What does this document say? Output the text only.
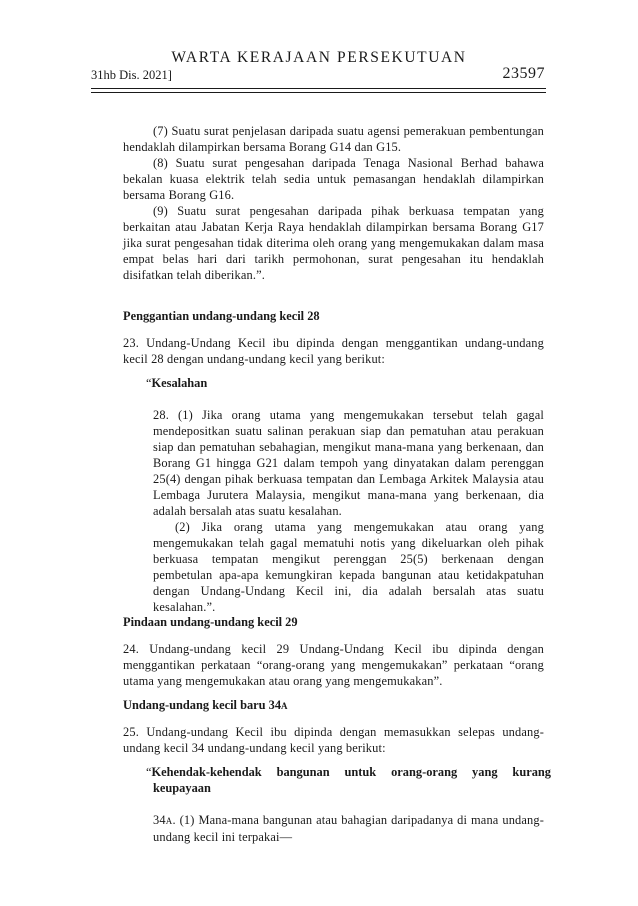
WARTA KERAJAAN PERSEKUTUAN
31hb Dis. 2021]	23597

(7) Suatu surat penjelasan daripada suatu agensi pemerakuan pembentungan hendaklah dilampirkan bersama Borang G14 dan G15.

(8) Suatu surat pengesahan daripada Tenaga Nasional Berhad bahawa bekalan kuasa elektrik telah sedia untuk pemasangan hendaklah dilampirkan bersama Borang G16.

(9) Suatu surat pengesahan daripada pihak berkuasa tempatan yang berkaitan atau Jabatan Kerja Raya hendaklah dilampirkan bersama Borang G17 jika surat pengesahan tidak diterima oleh orang yang mengemukakan dalam masa empat belas hari dari tarikh permohonan, surat pengesahan itu hendaklah disifatkan telah diberikan.”.

Penggantian undang-undang kecil 28

23. Undang-Undang Kecil ibu dipinda dengan menggantikan undang-undang kecil 28 dengan undang-undang kecil yang berikut:

“Kesalahan

28. (1) Jika orang utama yang mengemukakan tersebut telah gagal mendepositkan suatu salinan perakuan siap dan pematuhan atau perakuan siap dan pematuhan sebahagian, mengikut mana-mana yang berkenaan, dan Borang G1 hingga G21 dalam tempoh yang dinyatakan dalam perenggan 25(4) dengan pihak berkuasa tempatan dan Lembaga Arkitek Malaysia atau Lembaga Jurutera Malaysia, mengikut mana-mana yang berkenaan, dia adalah bersalah atas suatu kesalahan.

(2) Jika orang utama yang mengemukakan atau orang yang mengemukakan telah gagal mematuhi notis yang dikeluarkan oleh pihak berkuasa tempatan mengikut perenggan 25(5) berkenaan dengan pembetulan apa-apa kemungkiran kepada bangunan atau ketidakpatuhan dengan Undang-Undang Kecil ini, dia adalah bersalah atas suatu kesalahan.”.

Pindaan undang-undang kecil 29

24. Undang-undang kecil 29 Undang-Undang Kecil ibu dipinda dengan menggantikan perkataan “orang-orang yang mengemukakan” perkataan “orang utama yang mengemukakan atau orang yang mengemukakan”.

Undang-undang kecil baru 34A

25. Undang-undang Kecil ibu dipinda dengan memasukkan selepas undang-undang kecil 34 undang-undang kecil yang berikut:

“Kehendak-kehendak bangunan untuk orang-orang yang kurang keupayaan

34A. (1) Mana-mana bangunan atau bahagian daripadanya di mana undang-undang kecil ini terpakai—
